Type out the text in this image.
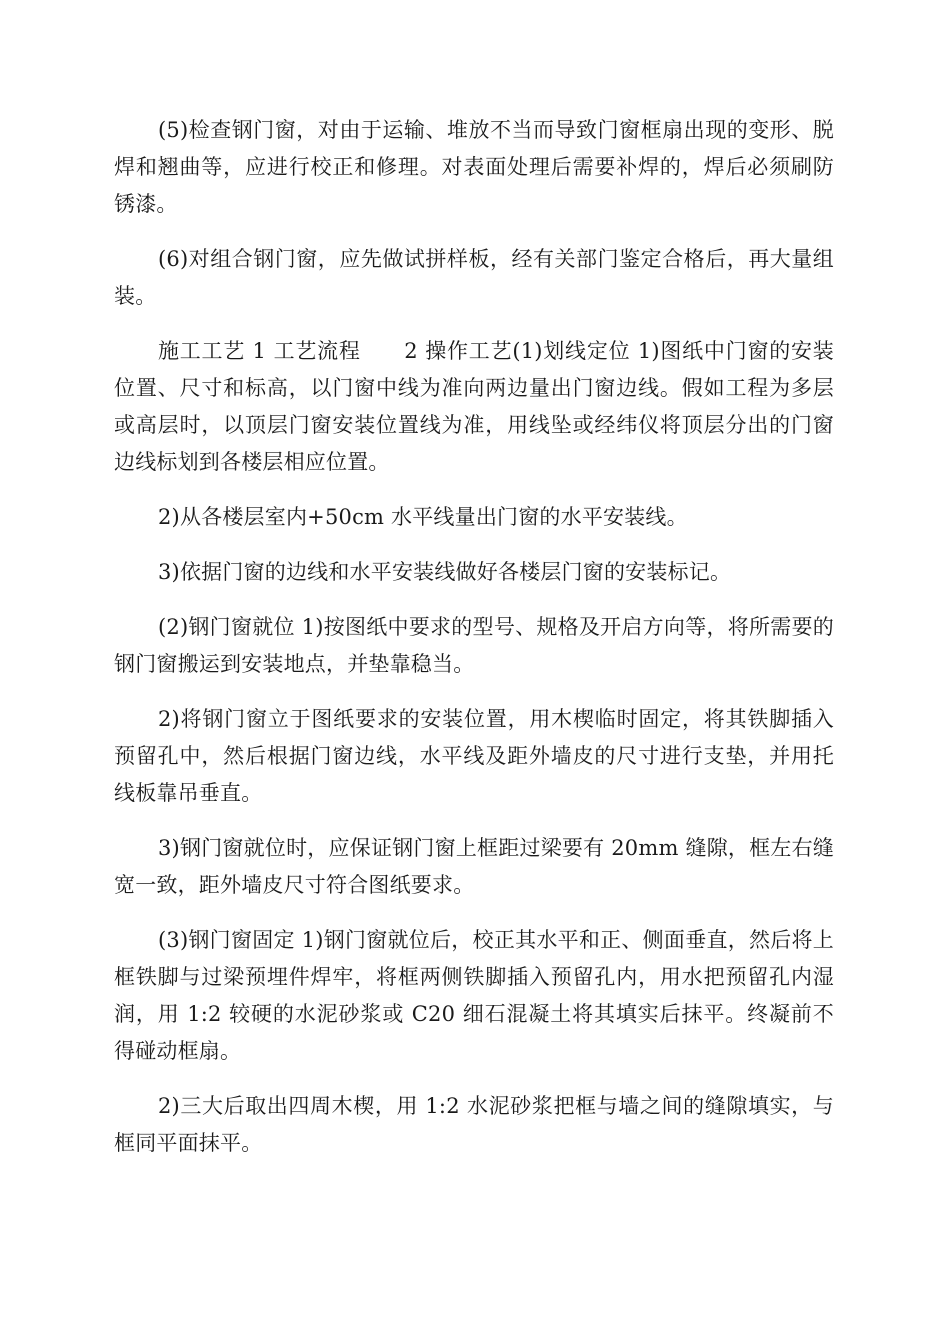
(5)检查钢门窗，对由于运输、堆放不当而导致门窗框扇出现的变形、脱焊和翘曲等，应进行校正和修理。对表面处理后需要补焊的，焊后必须刷防锈漆。

(6)对组合钢门窗，应先做试拼样板，经有关部门鉴定合格后，再大量组装。

施工工艺 1 工艺流程　　2 操作工艺(1)划线定位 1)图纸中门窗的安装位置、尺寸和标高，以门窗中线为准向两边量出门窗边线。假如工程为多层或高层时，以顶层门窗安装位置线为准，用线坠或经纬仪将顶层分出的门窗边线标划到各楼层相应位置。

2)从各楼层室内+50cm 水平线量出门窗的水平安装线。

3)依据门窗的边线和水平安装线做好各楼层门窗的安装标记。

(2)钢门窗就位 1)按图纸中要求的型号、规格及开启方向等，将所需要的钢门窗搬运到安装地点，并垫靠稳当。

2)将钢门窗立于图纸要求的安装位置，用木楔临时固定，将其铁脚插入预留孔中，然后根据门窗边线，水平线及距外墙皮的尺寸进行支垫，并用托线板靠吊垂直。

3)钢门窗就位时，应保证钢门窗上框距过梁要有 20mm 缝隙，框左右缝宽一致，距外墙皮尺寸符合图纸要求。

(3)钢门窗固定 1)钢门窗就位后，校正其水平和正、侧面垂直，然后将上框铁脚与过梁预埋件焊牢，将框两侧铁脚插入预留孔内，用水把预留孔内湿润，用 1:2 较硬的水泥砂浆或 C20 细石混凝土将其填实后抹平。终凝前不得碰动框扇。

2)三大后取出四周木楔，用 1:2 水泥砂浆把框与墙之间的缝隙填实，与框同平面抹平。
